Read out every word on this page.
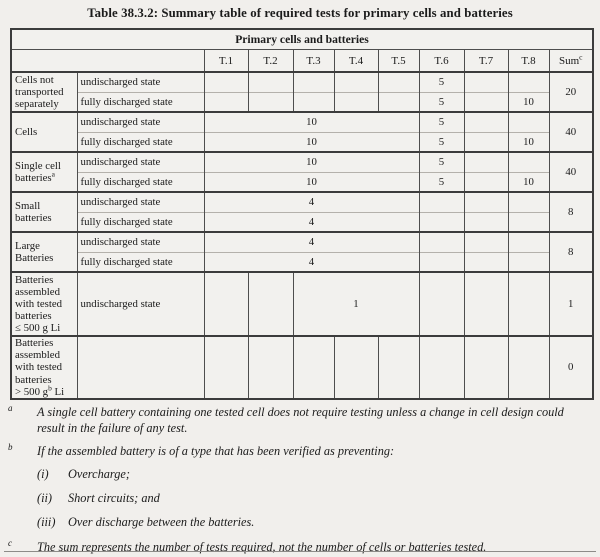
Table 38.3.2: Summary table of required tests for primary cells and batteries
Primary cells and batteries										
		T.1	T.2	T.3	T.4	T.5	T.6	T.7	T.8	Sum$^c$
Cells not transported separately	undischarged state						5			20
	fully discharged state						5		10	
Cells	undischarged state	10					5			40
	fully discharged state	10					5		10	
Single cell batteries$^a$	undischarged state	10					5			40
	fully discharged state	10					5		10	
Small batteries	undischarged state	4								8
	fully discharged state	4								
Large Batteries	undischarged state	4								8
	fully discharged state	4								
Batteries assembled with tested batteries ≤ 500 g Li	undischarged state			1						1
Batteries assembled with tested batteries > 500 $g^b$ Li										0
a A single cell battery containing one tested cell does not require testing unless a change in cell design could result in the failure of any test.
b If the assembled battery is of a type that has been verified as preventing:
(i) Overcharge;
(ii) Short circuits; and
(iii) Over discharge between the batteries.
c The sum represents the number of tests required, not the number of cells or batteries tested.
